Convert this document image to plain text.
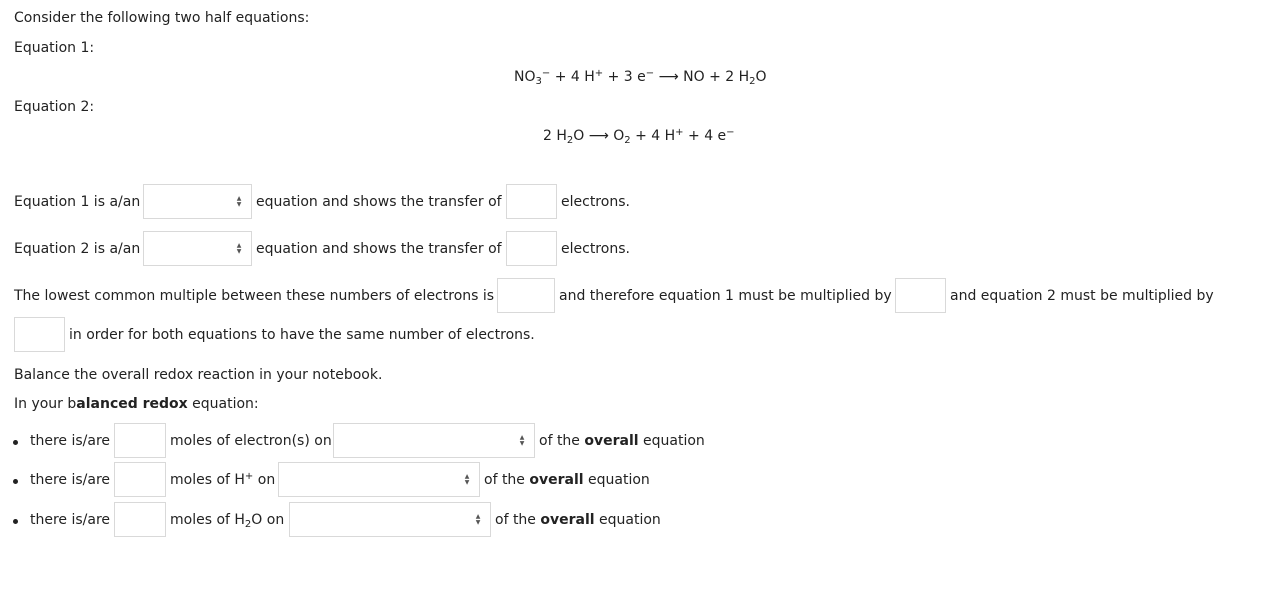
Consider the following two half equations:
Equation 1:
$NO_3^- + 4$ H+ + 3 e− ⟶ NO + 2 $H_2O$
Equation 2:
2 $H_2O$ ⟶ $O_2 + 4$ H+ + 4 e−
Equation 1 is a/an	▲
▼ equation and shows the transfer of	electrons.
Equation 2 is a/an	▲
▼ equation and shows the transfer of	electrons.
The lowest common multiple between these numbers of electrons is	and therefore equation 1 must be multiplied by	and equation 2 must be multiplied by
in order for both equations to have the same number of electrons.
Balance the overall redox reaction in your notebook.
In your balanced redox equation:
there is/are	moles of electron(s) on	▲
▼ of the overall equation
there is/are	moles of H+ on	▲
▼ of the overall equation
there is/are	moles of $H_2O$ on	▲
▼ of the overall equation
